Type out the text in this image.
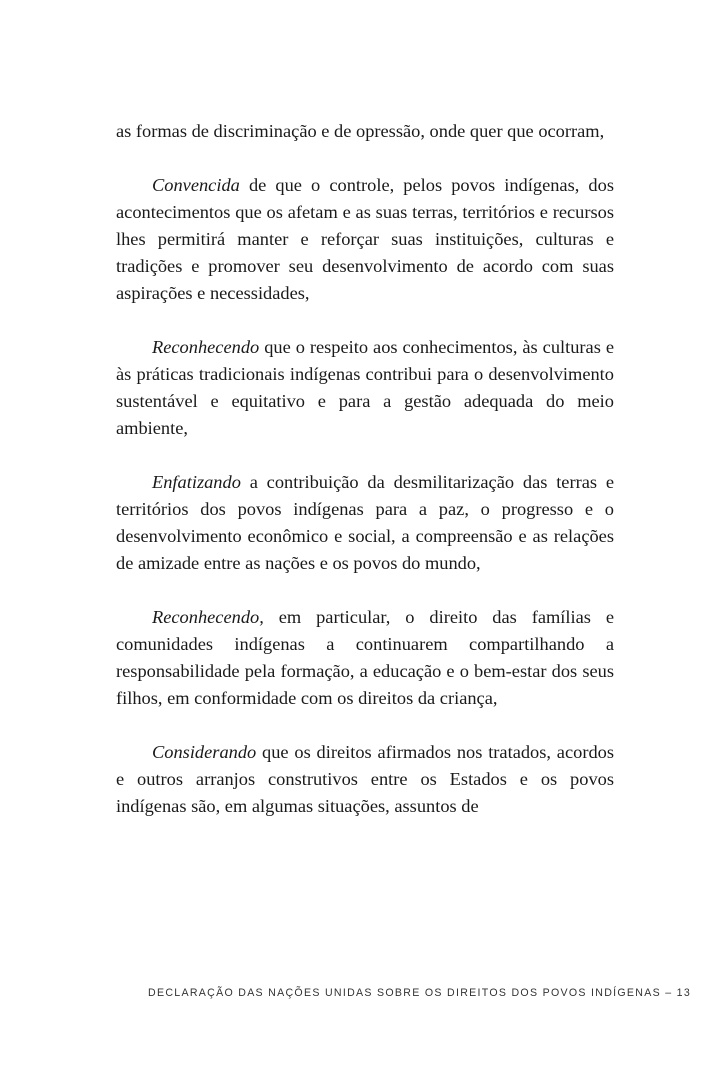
as formas de discriminação e de opressão, onde quer que ocorram,

Convencida de que o controle, pelos povos indígenas, dos acontecimentos que os afetam e as suas terras, territórios e recursos lhes permitirá manter e reforçar suas instituições, culturas e tradições e promover seu desenvolvimento de acordo com suas aspirações e necessidades,

Reconhecendo que o respeito aos conhecimentos, às culturas e às práticas tradicionais indígenas contribui para o desenvolvimento sustentável e equitativo e para a gestão adequada do meio ambiente,

Enfatizando a contribuição da desmilitarização das terras e territórios dos povos indígenas para a paz, o progresso e o desenvolvimento econômico e social, a compreensão e as relações de amizade entre as nações e os povos do mundo,

Reconhecendo, em particular, o direito das famílias e comunidades indígenas a continuarem compartilhando a responsabilidade pela formação, a educação e o bem-estar dos seus filhos, em conformidade com os direitos da criança,

Considerando que os direitos afirmados nos tratados, acordos e outros arranjos construtivos entre os Estados e os povos indígenas são, em algumas situações, assuntos de

DECLARAÇÃO DAS NAÇÕES UNIDAS SOBRE OS DIREITOS DOS POVOS INDÍGENAS – 13
